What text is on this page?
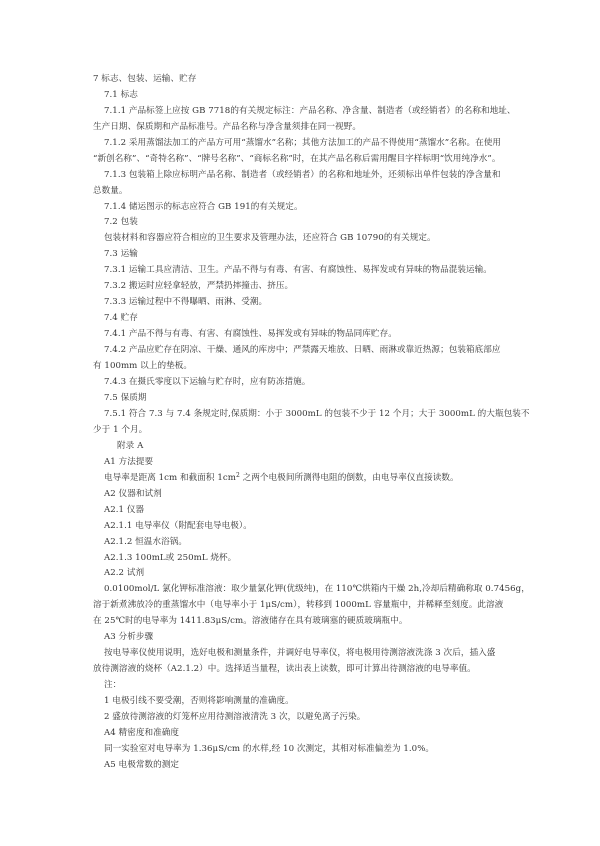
7 标志、包装、运输、贮存
7.1 标志
7.1.1 产品标签上应按 GB 7718的有关规定标注：产品名称、净含量、制造者（或经销者）的名称和地址、
生产日期、保质期和产品标准号。产品名称与净含量须排在同一视野。
7.1.2 采用蒸馏法加工的产品方可用“蒸馏水”名称；其他方法加工的产品不得使用“蒸馏水”名称。在使用
“新创名称”、“奇特名称”、“牌号名称”、“商标名称”时，在其产品名称后需用醒目字样标明“饮用纯净水”。
7.1.3 包装箱上除应标明产品名称、制造者（或经销者）的名称和地址外，还须标出单件包装的净含量和
总数量。
7.1.4 储运图示的标志应符合 GB 191的有关规定。
7.2 包装
包装材料和容器应符合相应的卫生要求及管理办法，还应符合 GB 10790的有关规定。
7.3 运输
7.3.1 运输工具应清洁、卫生。产品不得与有毒、有害、有腐蚀性、易挥发或有异味的物品混装运输。
7.3.2 搬运时应轻拿轻放，严禁扔摔撞击、挤压。
7.3.3 运输过程中不得曝晒、雨淋、受潮。
7.4 贮存
7.4.1 产品不得与有毒、有害、有腐蚀性、易挥发或有异味的物品同库贮存。
7.4.2 产品应贮存在阴凉、干燥、通风的库房中；严禁露天堆放、日晒、雨淋或靠近热源；包装箱底部应
有 100mm 以上的垫板。
7.4.3 在摄氏零度以下运输与贮存时，应有防冻措施。
7.5 保质期
7.5.1 符合 7.3 与 7.4 条规定时,保质期：小于 3000mL 的包装不少于 12 个月；大于 3000mL 的大瓶包装不
少于 1 个月。
附录 A
A1 方法提要
电导率是距离 1cm 和截面积 $1cm^2$ 之两个电极间所测得电阻的倒数，由电导率仪直接读数。
A2 仪器和试剂
A2.1 仪器
A2.1.1 电导率仪（附配套电导电极）。
A2.1.2 恒温水浴锅。
A2.1.3 100mL或 250mL 烧杯。
A2.2 试剂
0.0100mol/L 氯化钾标准溶液：取少量氯化钾(优级纯)，在 110℃烘箱内干燥 2h,冷却后精确称取 0.7456g，
溶于新煮沸放冷的重蒸馏水中（电导率小于 1μS/cm），转移到 1000mL 容量瓶中，并稀释至刻度。此溶液
在 25℃时的电导率为 1411.83μS/cm。溶液储存在具有玻璃塞的硬质玻璃瓶中。
A3 分析步骤
按电导率仪使用说明，选好电极和测量条件，并调好电导率仪，将电极用待测溶液洗涤 3 次后，插入盛
放待测溶液的烧杯（A2.1.2）中。选择适当量程，读出表上读数，即可计算出待测溶液的电导率值。
注：
1 电极引线不要受潮，否则将影响测量的准确度。
2 盛放待测溶液的灯笼杯应用待测溶液清洗 3 次，以避免离子污染。
A4 精密度和准确度
同一实验室对电导率为 1.36μS/cm 的水样,经 10 次测定，其相对标准偏差为 1.0%。
A5 电极常数的测定
